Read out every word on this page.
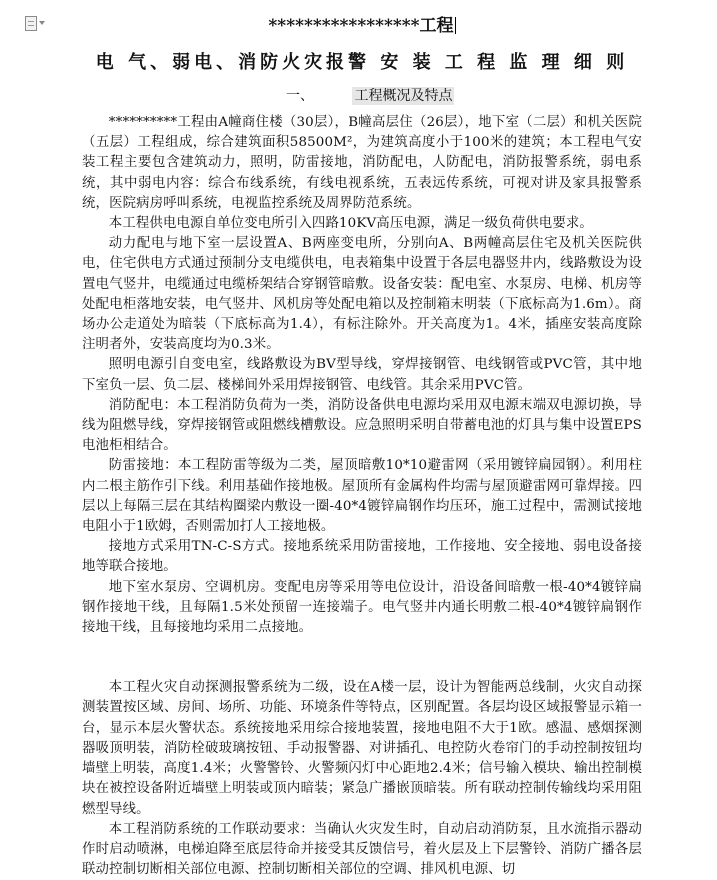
*****************工程
电 气、弱电、消防火灾报警 安 装 工 程 监 理 细 则
一、	工程概况及特点

**********工程由A幢商住楼（30层），B幢高层住（26层），地下室（二层）和机关医院（五层）工程组成，综合建筑面积58500M²，为建筑高度小于100米的建筑；本工程电气安装工程主要包含建筑动力，照明，防雷接地，消防配电，人防配电，消防报警系统，弱电系统，其中弱电内容：综合布线系统，有线电视系统，五表远传系统，可视对讲及家具报警系统，医院病房呼叫系统，电视监控系统及周界防范系统。

本工程供电电源自单位变电所引入四路10KV高压电源，满足一级负荷供电要求。

动力配电与地下室一层设置A、B两座变电所，分别向A、B两幢高层住宅及机关医院供电，住宅供电方式通过预制分支电缆供电，电表箱集中设置于各层电器竖井内，线路敷设为设置电气竖井，电缆通过电缆桥架结合穿钢管暗敷。设备安装：配电室、水泵房、电梯、机房等处配电柜落地安装，电气竖井、风机房等处配电箱以及控制箱末明装（下底标高为1.6m）。商场办公走道处为暗装（下底标高为1.4），有标注除外。开关高度为1。4米，插座安装高度除注明者外，安装高度均为0.3米。

照明电源引自变电室，线路敷设为BV型导线，穿焊接钢管、电线钢管或PVC管，其中地下室负一层、负二层、楼梯间外采用焊接钢管、电线管。其余采用PVC管。

消防配电：本工程消防负荷为一类，消防设备供电电源均采用双电源末端双电源切换，导线为阻燃导线，穿焊接钢管或阻燃线槽敷设。应急照明采明自带蓄电池的灯具与集中设置EPS电池柜相结合。

防雷接地：本工程防雷等级为二类，屋顶暗敷10*10避雷网（采用镀锌扁园钢）。利用柱内二根主筋作引下线。利用基础作接地极。屋顶所有金属构件均需与屋顶避雷网可靠焊接。四层以上每隔三层在其结构圈梁内敷设一圈-40*4镀锌扁钢作均压环，施工过程中，需测试接地电阻小于1欧姆，否则需加打人工接地极。

接地方式采用TN-C-S方式。接地系统采用防雷接地，工作接地、安全接地、弱电设备接地等联合接地。

地下室水泵房、空调机房。变配电房等采用等电位设计，沿设备间暗敷一根-40*4镀锌扁钢作接地干线，且每隔1.5米处预留一连接端子。电气竖井内通长明敷二根-40*4镀锌扁钢作接地干线，且每接地均采用二点接地。

本工程火灾自动探测报警系统为二级，设在A楼一层，设计为智能两总线制，火灾自动探测装置按区域、房间、场所、功能、环境条件等特点，区别配置。各层均设区域报警显示箱一台，显示本层火警状态。系统接地采用综合接地装置，接地电阻不大于1欧。感温、感烟探测器吸顶明装，消防栓破玻璃按钮、手动报警器、对讲插孔、电控防火卷帘门的手动控制按钮均墙壁上明装，高度1.4米；火警警铃、火警频闪灯中心距地2.4米；信号输入模块、输出控制模块在被控设备附近墙壁上明装或顶内暗装；紧急广播嵌顶暗装。所有联动控制传输线均采用阻燃型导线。

本工程消防系统的工作联动要求：当确认火灾发生时，自动启动消防泵，且水流指示器动作时启动喷淋，电梯迫降至底层待命并接受其反馈信号，着火层及上下层警铃、消防广播各层联动控制切断相关部位电源、控制切断相关部位的空调、排风机电源、切
